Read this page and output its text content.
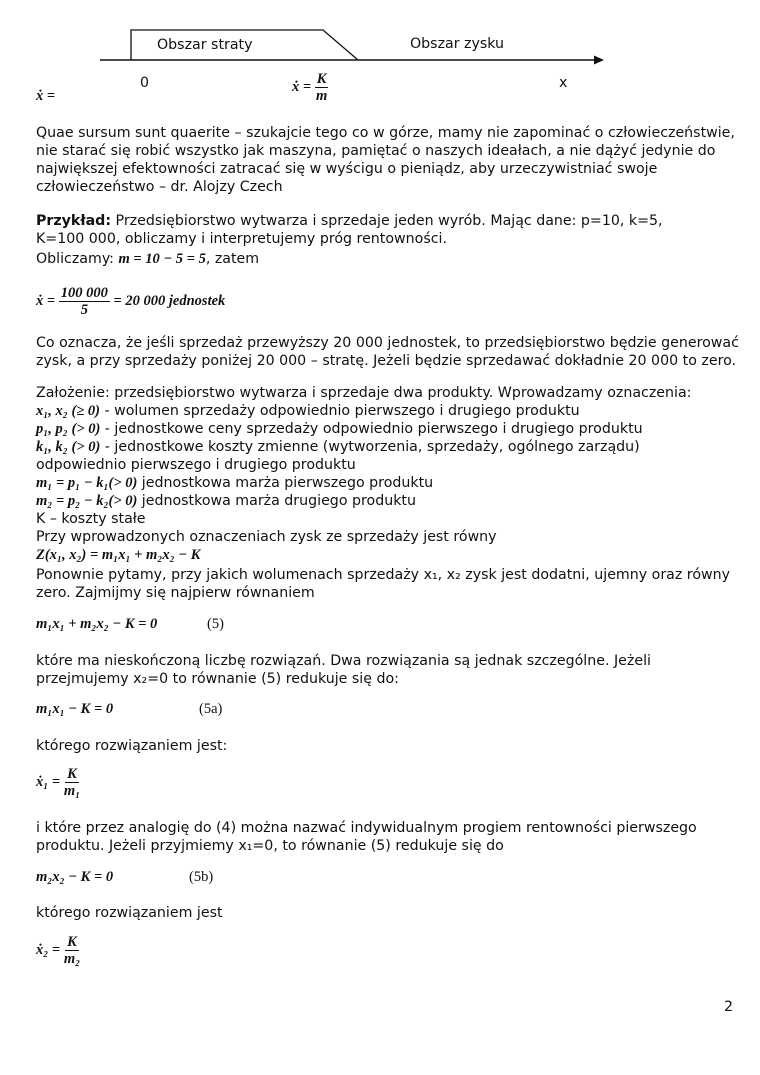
Obszar straty	Obszar zysku
0	x
ẋ =
ẋ = $\frac{K}{m}$
Quae sursum sunt quaerite – szukajcie tego co w górze, mamy nie zapominać o człowieczeństwie,
nie starać się robić wszystko jak maszyna, pamiętać o naszych ideałach, a nie dążyć jedynie do
największej efektowności zatracać się w wyścigu o pieniądz, aby urzeczywistniać swoje
człowieczeństwo – dr. Alojzy Czech
Przykład: Przedsiębiorstwo wytwarza i sprzedaje jeden wyrób. Mając dane: p=10, k=5,
K=100 000, obliczamy i interpretujemy próg rentowności.
Obliczamy: m = 10 − 5 = 5, zatem
ẋ = $\frac{100 000}{5} = 20$ 000 jednostek
Co oznacza, że jeśli sprzedaż przewyższy 20 000 jednostek, to przedsiębiorstwo będzie generować
zysk, a przy sprzedaży poniżej 20 000 – stratę. Jeżeli będzie sprzedawać dokładnie 20 000 to zero.
Założenie: przedsiębiorstwo wytwarza i sprzedaje dwa produkty. Wprowadzamy oznaczenia:
x₁, x₂ (≥ 0) - wolumen sprzedaży odpowiednio pierwszego i drugiego produktu
p₁, p₂ (> 0) - jednostkowe ceny sprzedaży odpowiednio pierwszego i drugiego produktu
k₁, k₂ (> 0) - jednostkowe koszty zmienne (wytworzenia, sprzedaży, ogólnego zarządu)
odpowiednio pierwszego i drugiego produktu
m₁ = p₁ − k₁(> 0) jednostkowa marża pierwszego produktu
m₂ = p₂ − k₂(> 0) jednostkowa marża drugiego produktu
K – koszty stałe
Przy wprowadzonych oznaczeniach zysk ze sprzedaży jest równy
Z(x₁, x₂) = m₁x₁ + m₂x₂ − K
Ponownie pytamy, przy jakich wolumenach sprzedaży x₁, x₂ zysk jest dodatni, ujemny oraz równy
zero. Zajmijmy się najpierw równaniem
m₁x₁ + m₂x₂ − K = 0	(5)
które ma nieskończoną liczbę rozwiązań. Dwa rozwiązania są jednak szczególne. Jeżeli
przejmujemy x₂=0 to równanie (5) redukuje się do:
m₁x₁ − K = 0	(5a)
którego rozwiązaniem jest:
ẋ₁ = $\frac{K}{\text{m₁}}$
i które przez analogię do (4) można nazwać indywidualnym progiem rentowności pierwszego
produktu. Jeżeli przyjmiemy x₁=0, to równanie (5) redukuje się do
m₂x₂ − K = 0	(5b)
którego rozwiązaniem jest
ẋ₂ = $\frac{K}{\text{m₂}}$
2
